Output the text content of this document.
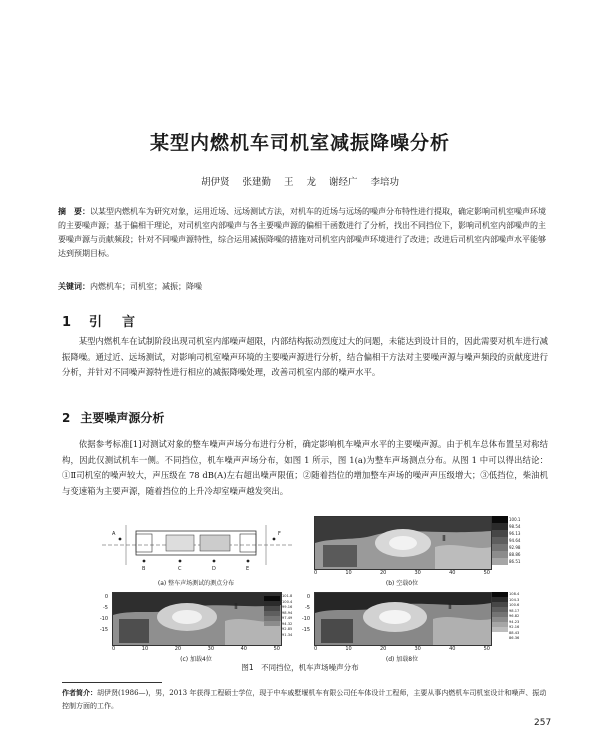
某型内燃机车司机室减振降噪分析
胡伊贤 张建勤 王 龙 谢经广 李培功
摘　要：以某型内燃机车为研究对象，运用近场、远场测试方法，对机车的近场与远场的噪声分布特性进行提取，确定影响司机室噪声环境的主要噪声源；基于偏相干理论，对司机室内部噪声与各主要噪声源的偏相干函数进行了分析，找出不同挡位下，影响司机室内部噪声的主要噪声源与贡献频段；针对不同噪声源特性，综合运用减振降噪的措施对司机室内部噪声环境进行了改进；改进后司机室内部噪声水平能够达到预期目标。
关键词：内燃机车；司机室；减振；降噪
1 引言
某型内燃机车在试制阶段出现司机室内部噪声超限，内部结构振动烈度过大的问题，未能达到设计目的，因此需要对机车进行减振降噪。通过近、远场测试，对影响司机室噪声环境的主要噪声源进行分析，结合偏相干方法对主要噪声源与噪声频段的贡献度进行分析，并针对不同噪声源特性进行相应的减振降噪处理，改善司机室内部的噪声水平。
2 主要噪声源分析
依据参考标准[1]对测试对象的整车噪声声场分布进行分析，确定影响机车噪声水平的主要噪声源。由于机车总体布置呈对称结构，因此仅测试机车一侧。不同挡位，机车噪声声场分布，如图 1 所示，图 1(a)为整车声场测点分布。从图 1 中可以得出结论：①Ⅱ司机室的噪声较大，声压级在 78 dB(A)左右超出噪声限值；②随着挡位的增加整车声场的噪声声压级增大；③低挡位，柴油机与变速箱为主要声源，随着挡位的上升冷却室噪声越发突出。
A
B	C	D	E
F
(a) 整车声场测试的测点分布
Ⅱ
100.1
98.54
96.13
94.64
92.98
88.86
86.51
0	10	20	30	40	50
(b) 空载0位
0
-5
-10
-15
Ⅱ
101.8
100.4
99.16
98.94
97.49
94.32
92.85
91.34
0	10	20	30	40	50
(c) 加载4位
0
-5
-10
-15
Ⅱ
108.4
104.3
100.6
98.17
96.82
94.23
92.16
88.43
86.36
0	10	20	30	40	50
(d) 加载8位
图1 不同挡位，机车声场噪声分布
作者简介：胡伊贤(1986—)，男，2013 年获得工程硕士学位，现于中车戚墅堰机车有限公司任车体设计工程师，主要从事内燃机车司机室设计和噪声、振动控制方面的工作。
257
